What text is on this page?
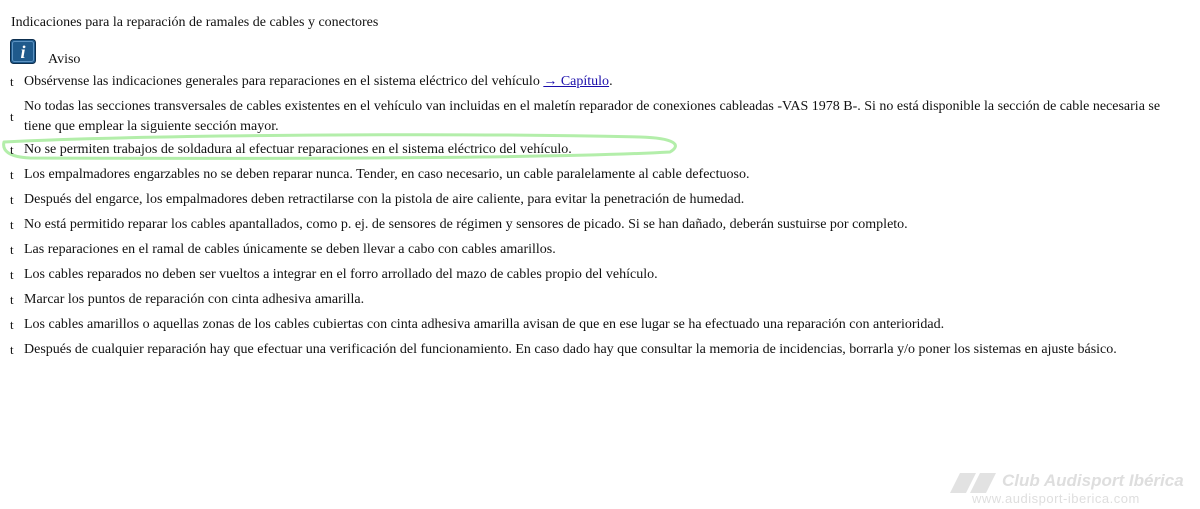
Indicaciones para la reparación de ramales de cables y conectores
i Aviso
t Obsérvense las indicaciones generales para reparaciones en el sistema eléctrico del vehículo → Capítulo.
t
No todas las secciones transversales de cables existentes en el vehículo van incluidas en el maletín reparador de conexiones cableadas -VAS 1978 B-. Si no está disponible la sección de cable necesaria se tiene que emplear la siguiente sección mayor.
t No se permiten trabajos de soldadura al efectuar reparaciones en el sistema eléctrico del vehículo.
t Los empalmadores engarzables no se deben reparar nunca. Tender, en caso necesario, un cable paralelamente al cable defectuoso.
t Después del engarce, los empalmadores deben retractilarse con la pistola de aire caliente, para evitar la penetración de humedad.
t No está permitido reparar los cables apantallados, como p. ej. de sensores de régimen y sensores de picado. Si se han dañado, deberán sustuirse por completo.
t Las reparaciones en el ramal de cables únicamente se deben llevar a cabo con cables amarillos.
t Los cables reparados no deben ser vueltos a integrar en el forro arrollado del mazo de cables propio del vehículo.
t Marcar los puntos de reparación con cinta adhesiva amarilla.
t Los cables amarillos o aquellas zonas de los cables cubiertas con cinta adhesiva amarilla avisan de que en ese lugar se ha efectuado una reparación con anterioridad.
t Después de cualquier reparación hay que efectuar una verificación del funcionamiento. En caso dado hay que consultar la memoria de incidencias, borrarla y/o poner los sistemas en ajuste básico.
Club Audisport Ibérica
www.audisport-iberica.com
